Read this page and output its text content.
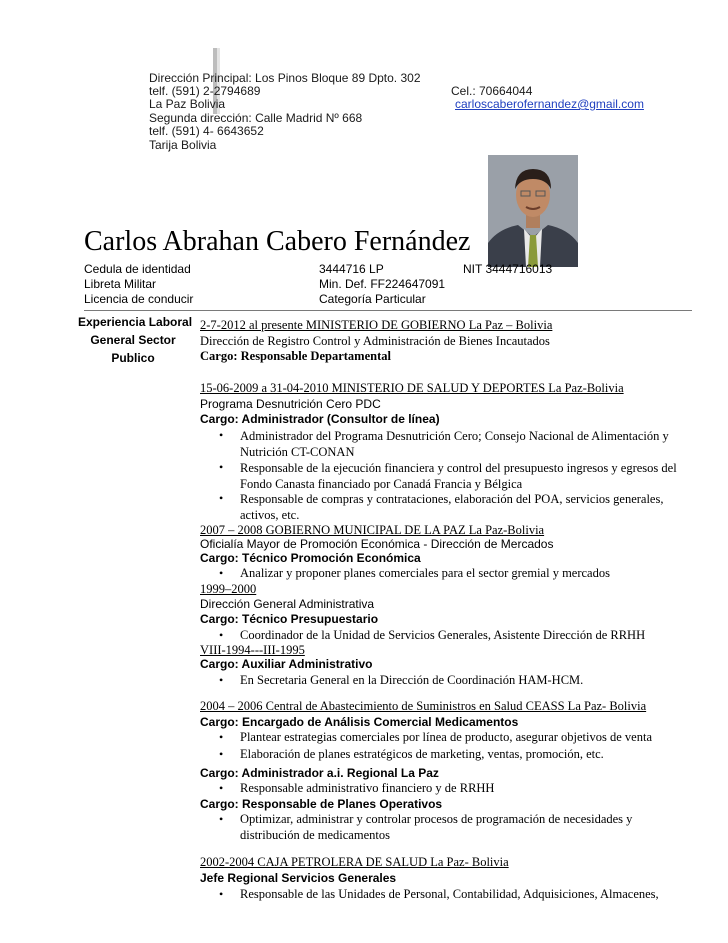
Dirección Principal: Los Pinos Bloque 89 Dpto. 302
telf. (591) 2-2794689
La Paz Bolivia
Segunda dirección: Calle Madrid Nº 668
telf. (591) 4- 6643652
Tarija Bolivia
Cel.: 70664044
carloscaberofernandez@gmail.com
Carlos Abrahan Cabero Fernández
Cedula de identidad	3444716 LP	NIT 3444716013
Libreta Militar	Min. Def. FF224647091
Licencia de conducir	Categoría Particular
Experiencia Laboral
General Sector
Publico
2-7-2012 al presente MINISTERIO DE GOBIERNO La Paz – Bolivia
Dirección de Registro Control y Administración de Bienes Incautados
Cargo: Responsable Departamental
15-06-2009 a 31-04-2010 MINISTERIO DE SALUD Y DEPORTES La Paz-Bolivia
Programa Desnutrición Cero PDC
Cargo: Administrador (Consultor de línea)
• Administrador del Programa Desnutrición Cero; Consejo Nacional de Alimentación y Nutrición CT-CONAN
• Responsable de la ejecución financiera y control del presupuesto ingresos y egresos del Fondo Canasta financiado por Canadá Francia y Bélgica
• Responsable de compras y contrataciones, elaboración del POA, servicios generales, activos, etc.
2007 – 2008 GOBIERNO MUNICIPAL DE LA PAZ La Paz-Bolivia
Oficialía Mayor de Promoción Económica - Dirección de Mercados
Cargo: Técnico Promoción Económica
• Analizar y proponer planes comerciales para el sector gremial y mercados
1999–2000
Dirección General Administrativa
Cargo: Técnico Presupuestario
• Coordinador de la Unidad de Servicios Generales, Asistente Dirección de RRHH
VIII-1994---III-1995
Cargo: Auxiliar Administrativo
• En Secretaria General en la Dirección de Coordinación HAM-HCM.
2004 – 2006 Central de Abastecimiento de Suministros en Salud CEASS La Paz- Bolivia
Cargo: Encargado de Análisis Comercial Medicamentos
• Plantear estrategias comerciales por línea de producto, asegurar objetivos de venta
• Elaboración de planes estratégicos de marketing, ventas, promoción, etc.
Cargo: Administrador a.i. Regional La Paz
• Responsable administrativo financiero y de RRHH
Cargo: Responsable de Planes Operativos
• Optimizar, administrar y controlar procesos de programación de necesidades y distribución de medicamentos
2002-2004 CAJA PETROLERA DE SALUD La Paz- Bolivia
Jefe Regional Servicios Generales
• Responsable de las Unidades de Personal, Contabilidad, Adquisiciones, Almacenes,
